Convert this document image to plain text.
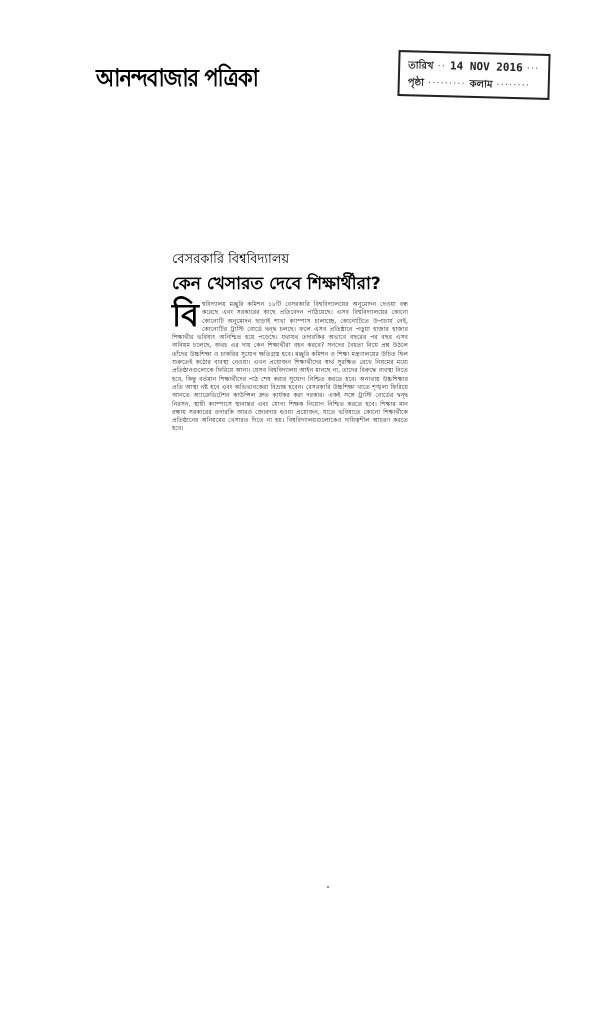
আনন্দবাজার পত্রিকা	তারিখ ·· 14 NOV 2016 ···
পৃষ্ঠা ········· কলাম ········
বেসরকারি বিশ্ববিদ্যালয়
কেন খেসারত দেবে শিক্ষার্থীরা?
বি শ্ববিদ্যালয় মঞ্জুরি কমিশন ১৮টি বেসরকারি বিশ্ববিদ্যালয়ের অনুমোদন দেওয়া বন্ধ করেছে এবং সরকারের কাছে প্রতিবেদন পাঠিয়েছে। এসব বিশ্ববিদ্যালয়ের কোনো কোনোটি অনুমোদন ছাড়াই শাখা ক্যাম্পাস চালাচ্ছে, কোনোটিতে উপাচার্য নেই, কোনোটির ট্রাস্টি বোর্ডে দ্বন্দ্ব চলছে। ফলে এসব প্রতিষ্ঠানে পড়ুয়া হাজার হাজার শিক্ষার্থীর ভবিষ্যৎ অনিশ্চিত হয়ে পড়েছে। যথাযথ তদারকির অভাবে বছরের পর বছর এসব অনিয়ম চলেছে, অথচ এর দায় কেন শিক্ষার্থীরা বহন করবে? সনদের বৈধতা নিয়ে প্রশ্ন উঠলে তাঁদের উচ্চশিক্ষা ও চাকরির সুযোগ ক্ষতিগ্রস্ত হবে। মঞ্জুরি কমিশন ও শিক্ষা মন্ত্রণালয়ের উচিত ছিল শুরুতেই কঠোর ব্যবস্থা নেওয়া। এখন প্রয়োজন শিক্ষার্থীদের স্বার্থ সুরক্ষিত রেখে নিয়মের মধ্যে প্রতিষ্ঠানগুলোকে ফিরিয়ে আনা। যেসব বিশ্ববিদ্যালয় আইন মানছে না, তাদের বিরুদ্ধে ব্যবস্থা নিতে হবে, কিন্তু বর্তমান শিক্ষার্থীদের পাঠ শেষ করার সুযোগ নিশ্চিত করতে হবে। অন্যথায় উচ্চশিক্ষার প্রতি আস্থা নষ্ট হবে এবং অভিভাবকেরা বিভ্রান্ত হবেন। বেসরকারি উচ্চশিক্ষা খাতে শৃঙ্খলা ফিরিয়ে আনতে অ্যাক্রেডিটেশন কাউন্সিল দ্রুত কার্যকর করা দরকার। একই সঙ্গে ট্রাস্টি বোর্ডের দ্বন্দ্ব নিরসন, স্থায়ী ক্যাম্পাসে স্থানান্তর এবং যোগ্য শিক্ষক নিয়োগ নিশ্চিত করতে হবে। শিক্ষার মান রক্ষায় সরকারের তদারকি আরও জোরদার হওয়া প্রয়োজন, যাতে ভবিষ্যতে কোনো শিক্ষার্থীকে প্রতিষ্ঠানের অনিয়মের খেসারত দিতে না হয়। বিশ্ববিদ্যালয়গুলোকেও দায়িত্বশীল আচরণ করতে হবে।
